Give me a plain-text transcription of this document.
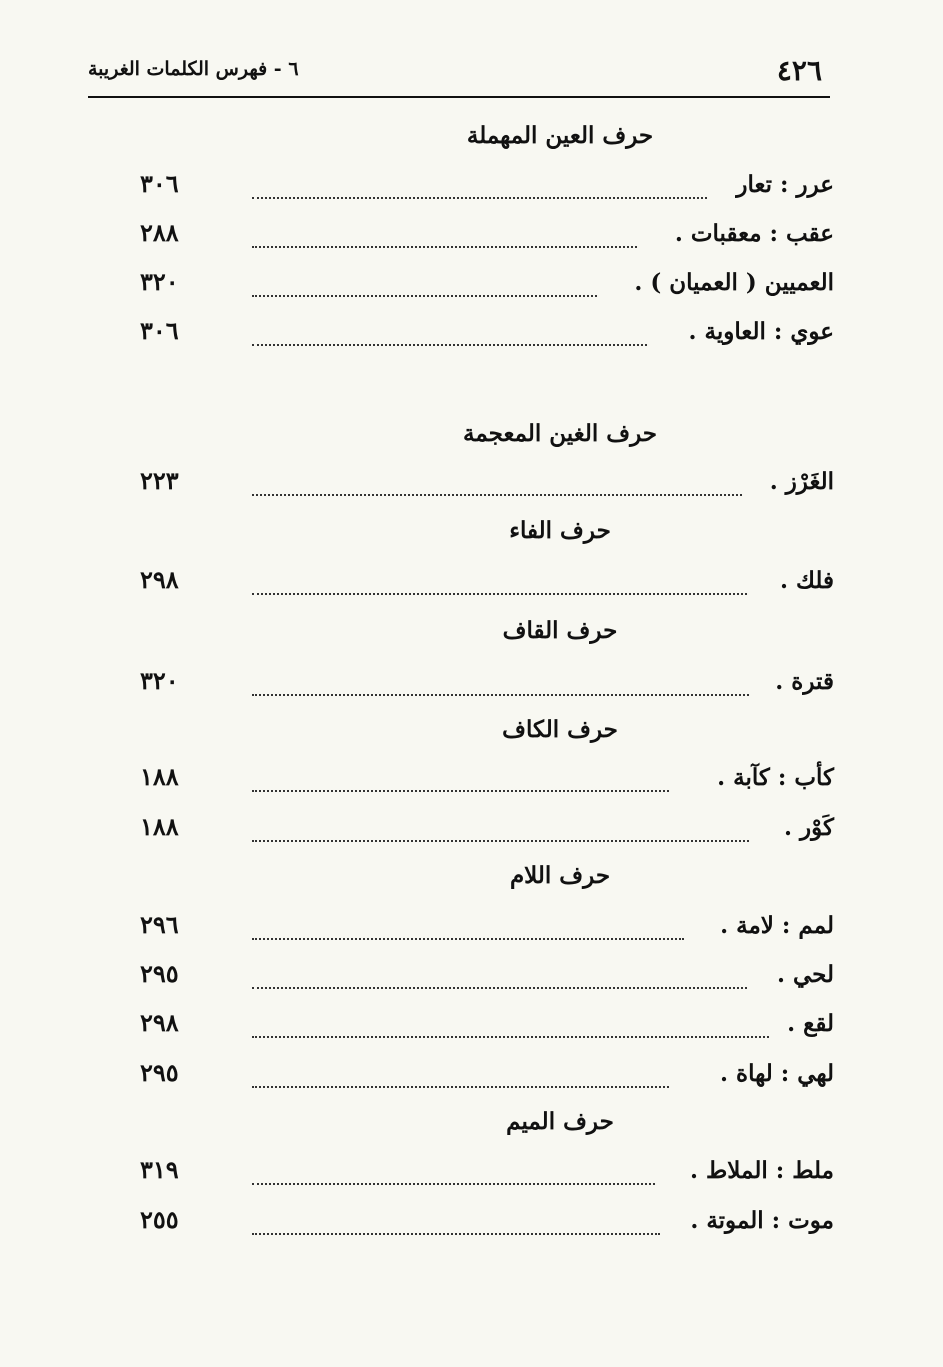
٤٢٦
٦ - فهرس الكلمات الغريبة
حرف العين المهملة
عرر : تعار
٣٠٦
عقب : معقبات .
٢٨٨
العميين ( العميان ) .
٣٢٠
عوي : العاوية .
٣٠٦
حرف الغين المعجمة
الغَرْز .
٢٢٣
حرف الفاء
فلك .
٢٩٨
حرف القاف
قترة .
٣٢٠
حرف الكاف
كأب : كآبة .
١٨٨
كَوْر .
١٨٨
حرف اللام
لمم : لامة .
٢٩٦
لحي .
٢٩٥
لقع .
٢٩٨
لهي : لهاة .
٢٩٥
حرف الميم
ملط : الملاط .
٣١٩
موت : الموتة .
٢٥٥
